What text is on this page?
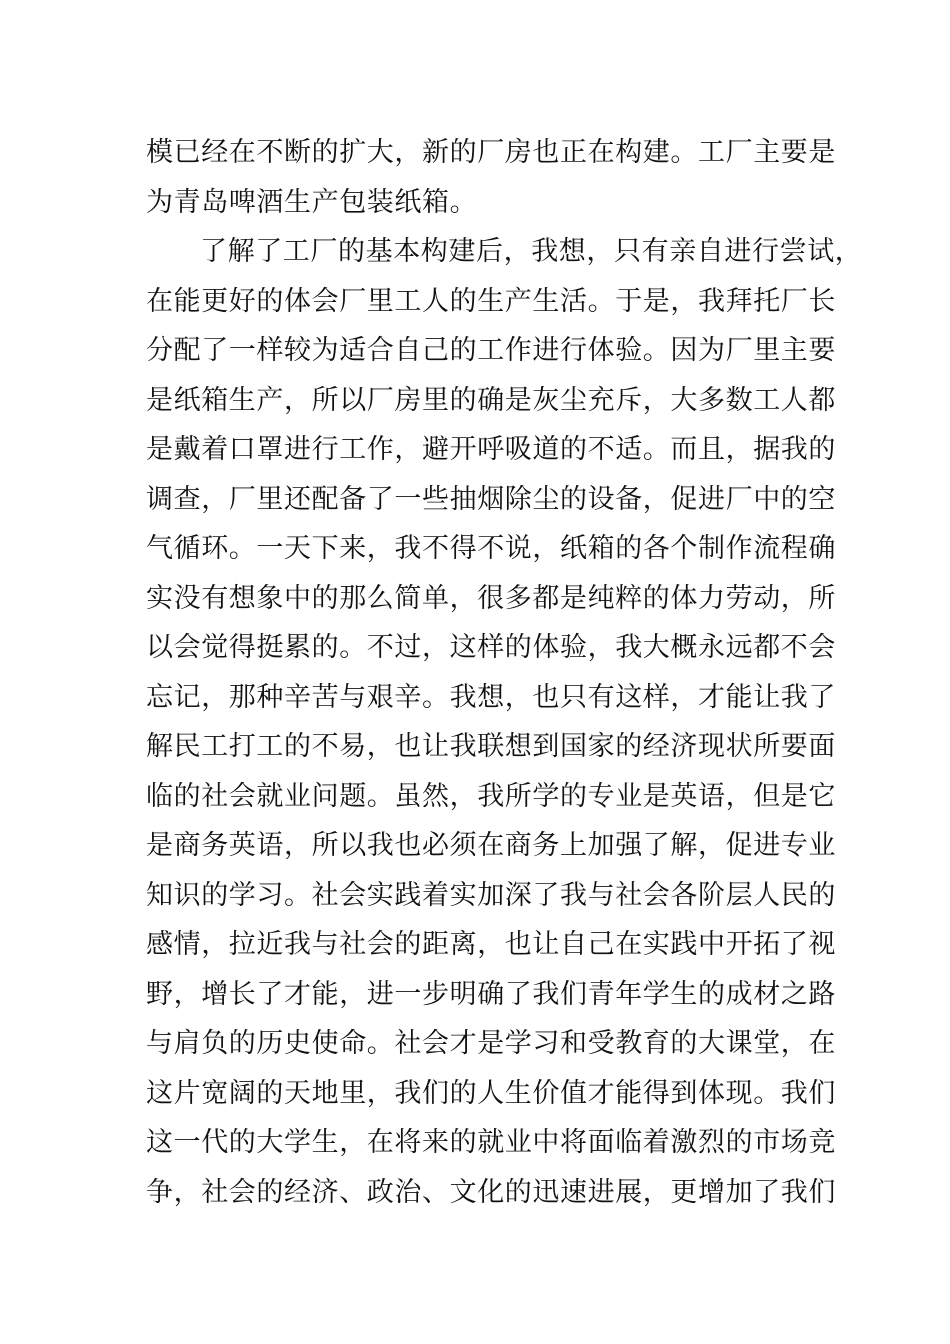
模已经在不断的扩大，新的厂房也正在构建。工厂主要是
为青岛啤酒生产包装纸箱。
了解了工厂的基本构建后，我想，只有亲自进行尝试，
在能更好的体会厂里工人的生产生活。于是，我拜托厂长
分配了一样较为适合自己的工作进行体验。因为厂里主要
是纸箱生产，所以厂房里的确是灰尘充斥，大多数工人都
是戴着口罩进行工作，避开呼吸道的不适。而且，据我的
调查，厂里还配备了一些抽烟除尘的设备，促进厂中的空
气循环。一天下来，我不得不说，纸箱的各个制作流程确
实没有想象中的那么简单，很多都是纯粹的体力劳动，所
以会觉得挺累的。不过，这样的体验，我大概永远都不会
忘记，那种辛苦与艰辛。我想，也只有这样，才能让我了
解民工打工的不易，也让我联想到国家的经济现状所要面
临的社会就业问题。虽然，我所学的专业是英语，但是它
是商务英语，所以我也必须在商务上加强了解，促进专业
知识的学习。社会实践着实加深了我与社会各阶层人民的
感情，拉近我与社会的距离，也让自己在实践中开拓了视
野，增长了才能，进一步明确了我们青年学生的成材之路
与肩负的历史使命。社会才是学习和受教育的大课堂，在
这片宽阔的天地里，我们的人生价值才能得到体现。我们
这一代的大学生，在将来的就业中将面临着激烈的市场竞
争，社会的经济、政治、文化的迅速进展，更增加了我们
